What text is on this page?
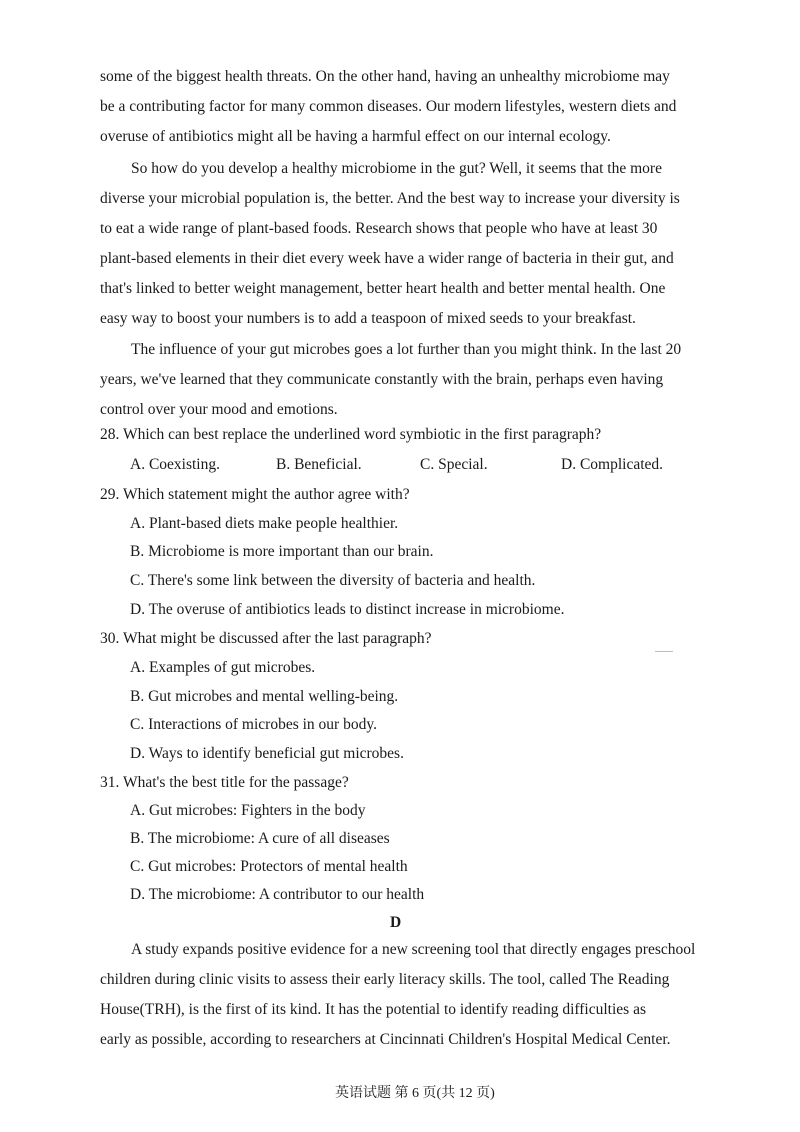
some of the biggest health threats. On the other hand, having an unhealthy microbiome may
be a contributing factor for many common diseases. Our modern lifestyles, western diets and
overuse of antibiotics might all be having a harmful effect on our internal ecology.

So how do you develop a healthy microbiome in the gut? Well, it seems that the more
diverse your microbial population is, the better. And the best way to increase your diversity is
to eat a wide range of plant-based foods. Research shows that people who have at least 30
plant-based elements in their diet every week have a wider range of bacteria in their gut, and
that's linked to better weight management, better heart health and better mental health. One
easy way to boost your numbers is to add a teaspoon of mixed seeds to your breakfast.

The influence of your gut microbes goes a lot further than you might think. In the last 20
years, we've learned that they communicate constantly with the brain, perhaps even having
control over your mood and emotions.

28. Which can best replace the underlined word symbiotic in the first paragraph?
A. Coexisting.	B. Beneficial.	C. Special.	D. Complicated.
29. Which statement might the author agree with?
A. Plant-based diets make people healthier.
B. Microbiome is more important than our brain.
C. There's some link between the diversity of bacteria and health.
D. The overuse of antibiotics leads to distinct increase in microbiome.
30. What might be discussed after the last paragraph?
A. Examples of gut microbes.
B. Gut microbes and mental welling-being.
C. Interactions of microbes in our body.
D. Ways to identify beneficial gut microbes.
31. What's the best title for the passage?
A. Gut microbes: Fighters in the body
B. The microbiome: A cure of all diseases
C. Gut microbes: Protectors of mental health
D. The microbiome: A contributor to our health
D

A study expands positive evidence for a new screening tool that directly engages preschool
children during clinic visits to assess their early literacy skills. The tool, called The Reading
House(TRH), is the first of its kind. It has the potential to identify reading difficulties as
early as possible, according to researchers at Cincinnati Children's Hospital Medical Center.

英语试题 第 6 页(共 12 页)
